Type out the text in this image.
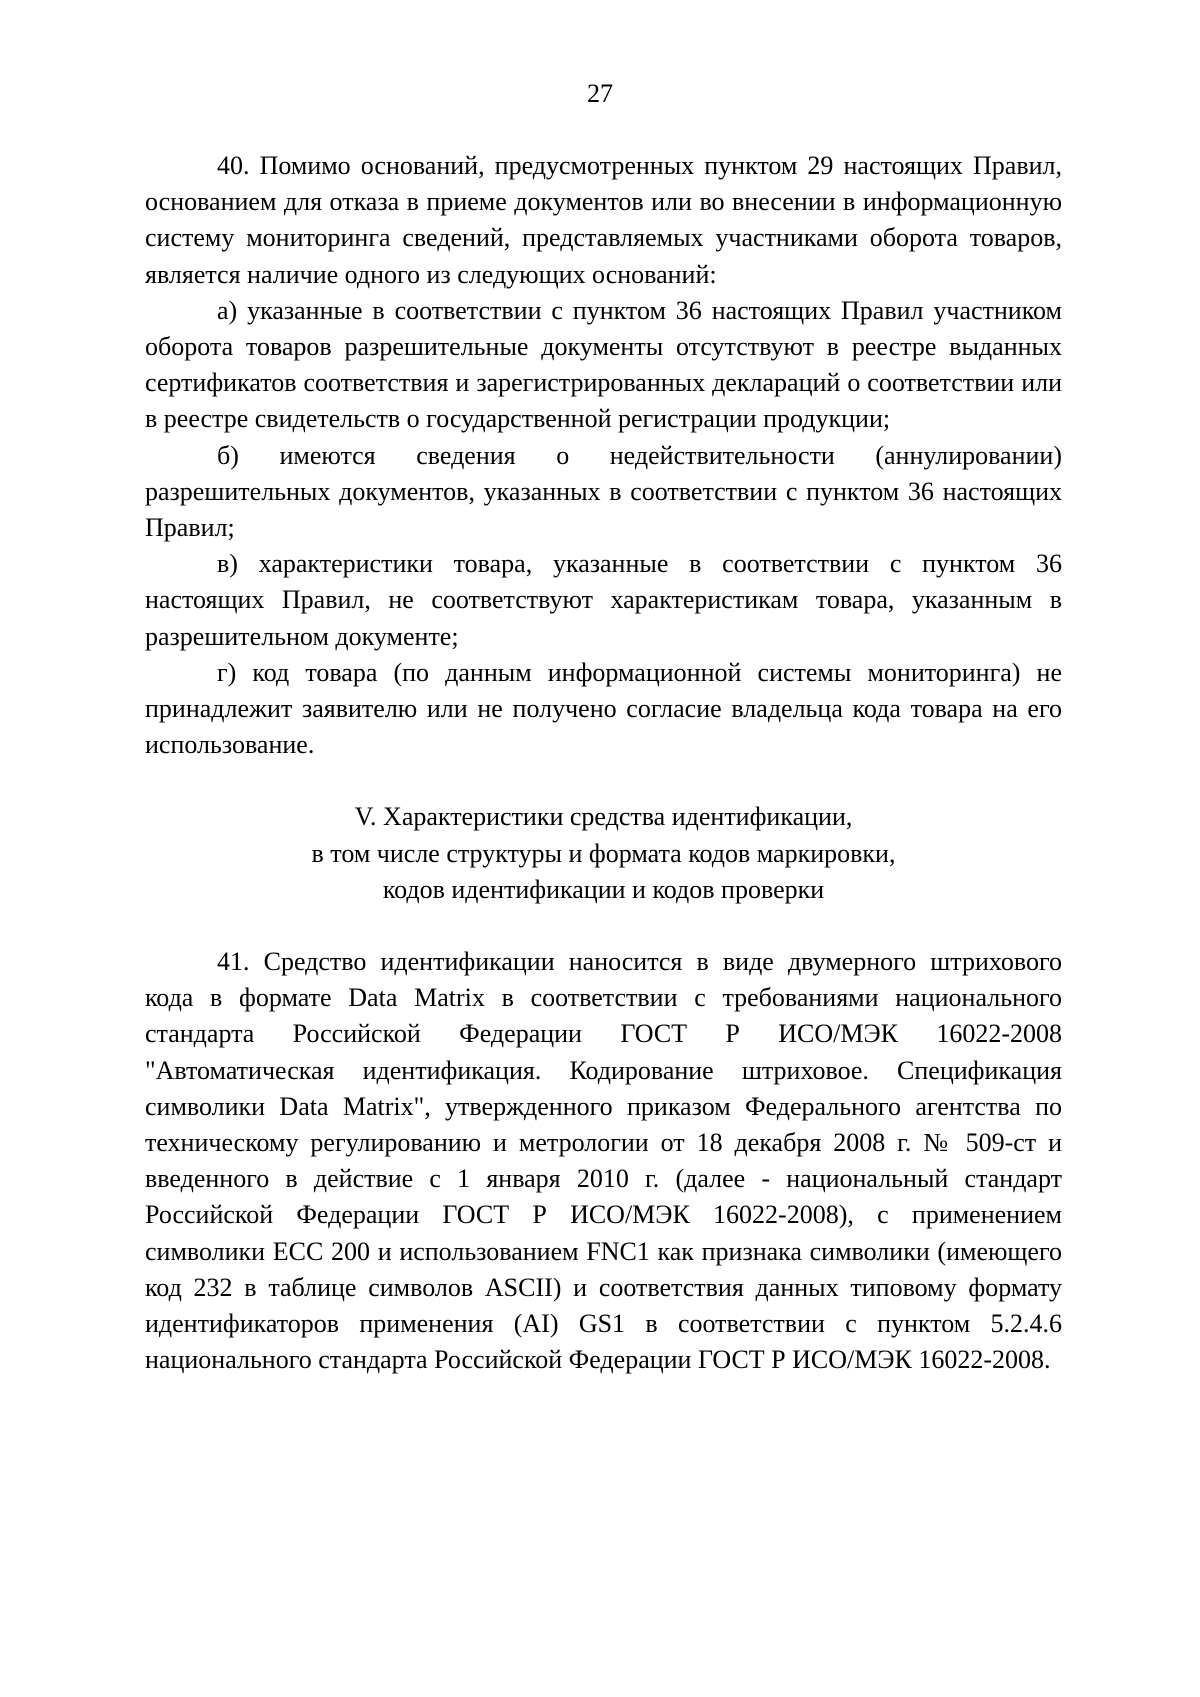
27

40. Помимо оснований, предусмотренных пунктом 29 настоящих Правил, основанием для отказа в приеме документов или во внесении в информационную систему мониторинга сведений, представляемых участниками оборота товаров, является наличие одного из следующих оснований:

а) указанные в соответствии с пунктом 36 настоящих Правил участником оборота товаров разрешительные документы отсутствуют в реестре выданных сертификатов соответствия и зарегистрированных деклараций о соответствии или в реестре свидетельств о государственной регистрации продукции;

б) имеются сведения о недействительности (аннулировании) разрешительных документов, указанных в соответствии с пунктом 36 настоящих Правил;

в) характеристики товара, указанные в соответствии с пунктом 36 настоящих Правил, не соответствуют характеристикам товара, указанным в разрешительном документе;

г) код товара (по данным информационной системы мониторинга) не принадлежит заявителю или не получено согласие владельца кода товара на его использование.

V. Характеристики средства идентификации,
в том числе структуры и формата кодов маркировки,
кодов идентификации и кодов проверки

41. Средство идентификации наносится в виде двумерного штрихового кода в формате Data Matrix в соответствии с требованиями национального стандарта Российской Федерации ГОСТ Р ИСО/МЭК 16022-2008 "Автоматическая идентификация. Кодирование штриховое. Спецификация символики Data Matrix", утвержденного приказом Федерального агентства по техническому регулированию и метрологии от 18 декабря 2008 г. № 509-ст и введенного в действие с 1 января 2010 г. (далее - национальный стандарт Российской Федерации ГОСТ Р ИСО/МЭК 16022-2008), с применением символики ЕСС 200 и использованием FNC1 как признака символики (имеющего код 232 в таблице символов ASCII) и соответствия данных типовому формату идентификаторов применения (AI) GS1 в соответствии с пунктом 5.2.4.6 национального стандарта Российской Федерации ГОСТ Р ИСО/МЭК 16022-2008.
